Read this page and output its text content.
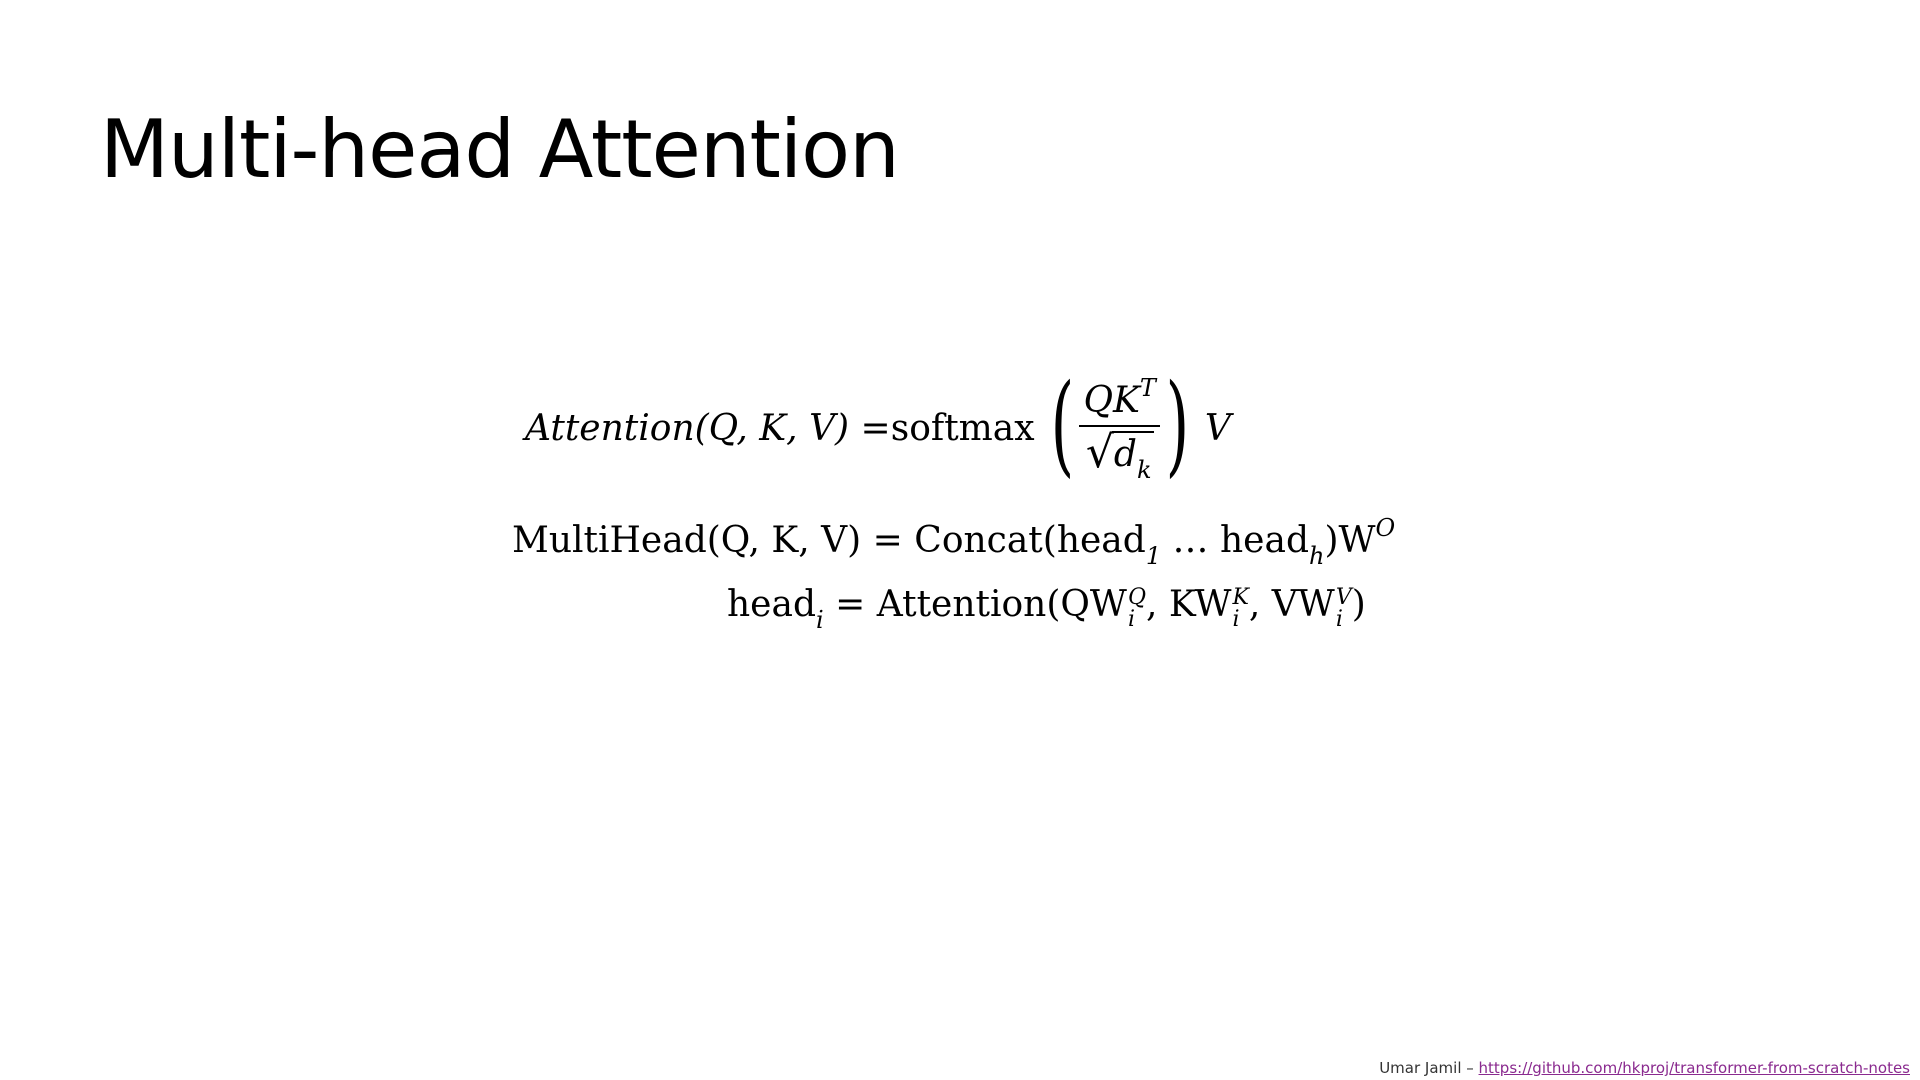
Multi-head Attention
Attention(Q, K, V) = softmax ( $\frac{QK^T}{√ d_k}$ ) V
MultiHead(Q, K, V) = Concat(head$_1$ … $head_h)W^O$
head$_i$ = Attention(QW Q
i , KW K
i , VW V
i )
Umar Jamil – https://github.com/hkproj/transformer-from-scratch-notes
